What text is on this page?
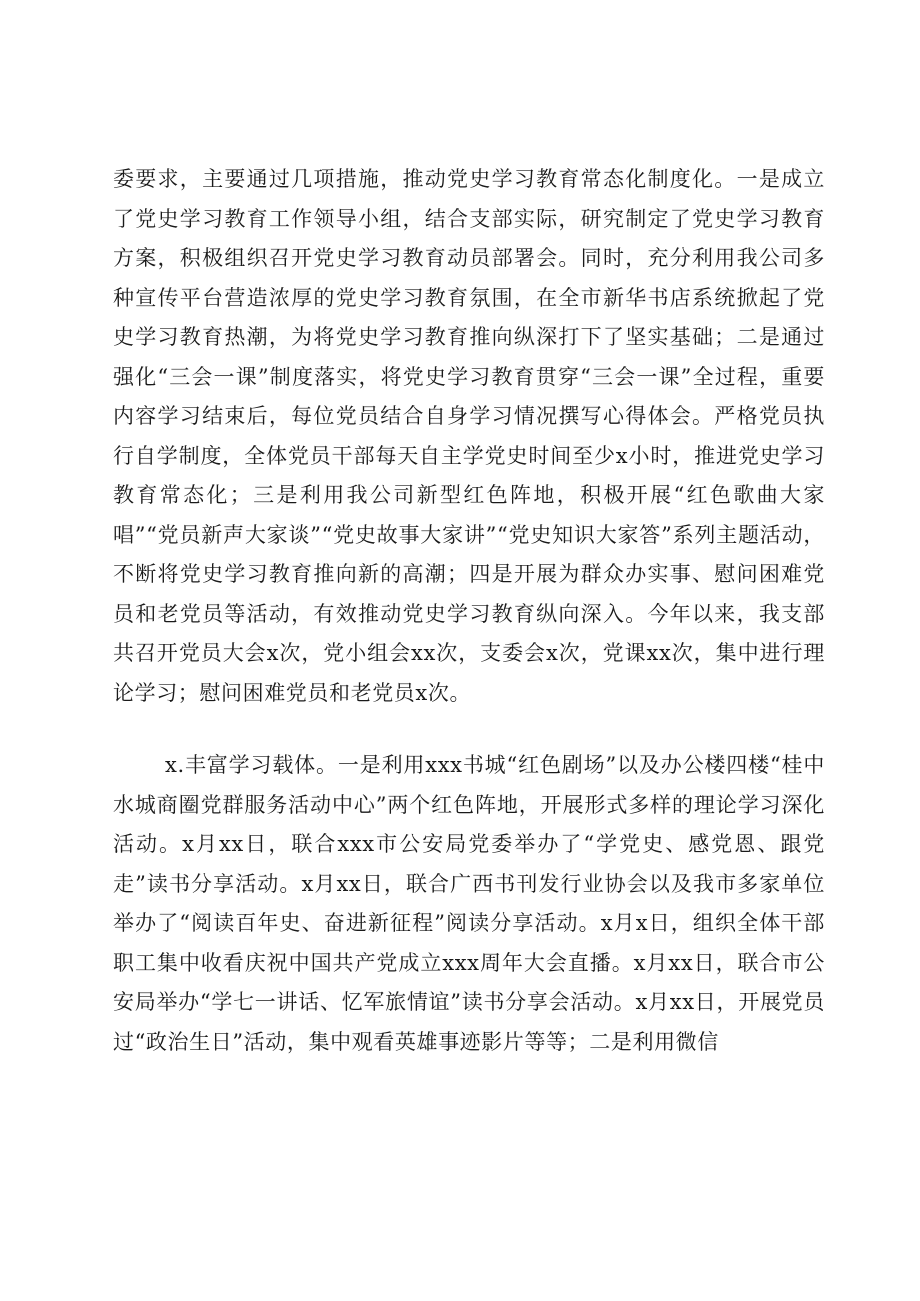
委要求，主要通过几项措施，推动党史学习教育常态化制度化。一是成立了党史学习教育工作领导小组，结合支部实际，研究制定了党史学习教育方案，积极组织召开党史学习教育动员部署会。同时，充分利用我公司多种宣传平台营造浓厚的党史学习教育氛围，在全市新华书店系统掀起了党史学习教育热潮，为将党史学习教育推向纵深打下了坚实基础；二是通过强化“三会一课”制度落实，将党史学习教育贯穿“三会一课”全过程，重要内容学习结束后，每位党员结合自身学习情况撰写心得体会。严格党员执行自学制度，全体党员干部每天自主学党史时间至少x小时，推进党史学习教育常态化；三是利用我公司新型红色阵地，积极开展“红色歌曲大家唱”“党员新声大家谈”“党史故事大家讲”“党史知识大家答”系列主题活动，不断将党史学习教育推向新的高潮；四是开展为群众办实事、慰问困难党员和老党员等活动，有效推动党史学习教育纵向深入。今年以来，我支部共召开党员大会x次，党小组会xx次，支委会x次，党课xx次，集中进行理论学习；慰问困难党员和老党员x次。
x.丰富学习载体。一是利用xxx书城“红色剧场”以及办公楼四楼“桂中水城商圈党群服务活动中心”两个红色阵地，开展形式多样的理论学习深化活动。x月xx日，联合xxx市公安局党委举办了“学党史、感党恩、跟党走”读书分享活动。x月xx日，联合广西书刊发行业协会以及我市多家单位举办了“阅读百年史、奋进新征程”阅读分享活动。x月x日，组织全体干部职工集中收看庆祝中国共产党成立xxx周年大会直播。x月xx日，联合市公安局举办“学七一讲话、忆军旅情谊”读书分享会活动。x月xx日，开展党员过“政治生日”活动，集中观看英雄事迹影片等等；二是利用微信
